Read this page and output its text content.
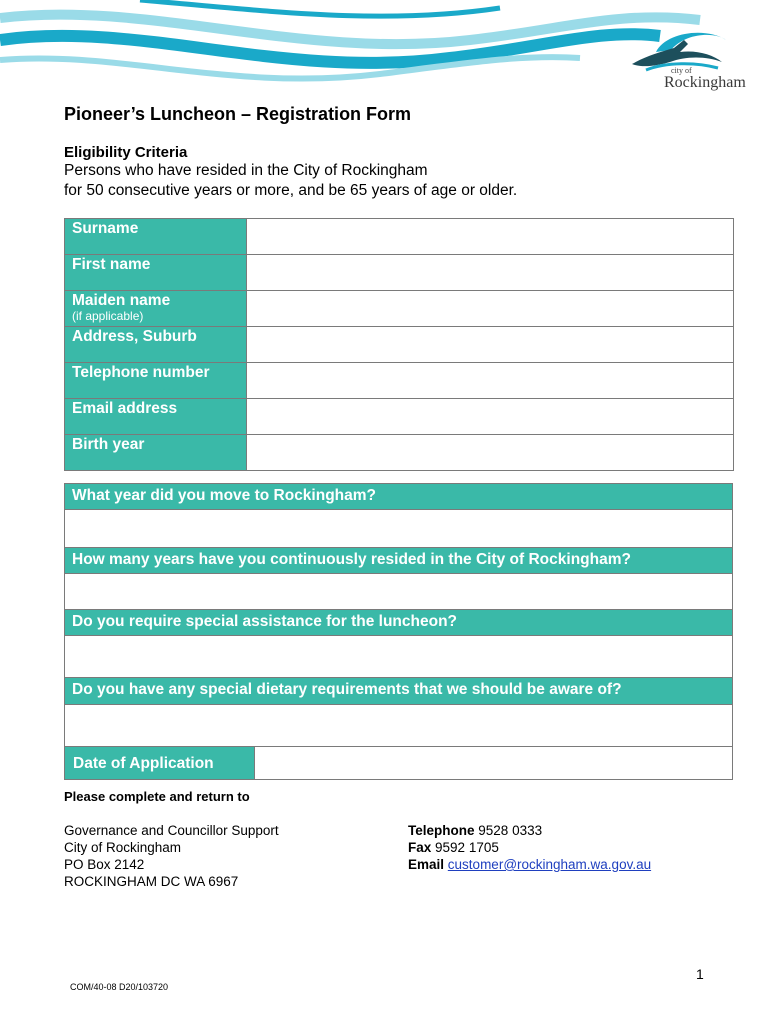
city of
Rockingham
Pioneer’s Luncheon – Registration Form
Eligibility Criteria
Persons who have resided in the City of Rockingham
for 50 consecutive years or more, and be 65 years of age or older.
Surname	
First name	
Maiden name
(if applicable)	

Address, Suburb	
Telephone number	
Email address	
Birth year	
What year did you move to Rockingham?
How many years have you continuously resided in the City of Rockingham?
Do you require special assistance for the luncheon?
Do you have any special dietary requirements that we should be aware of?
Date of Application
Please complete and return to
Governance and Councillor Support
City of Rockingham
PO Box 2142
ROCKINGHAM DC WA 6967
Telephone 9528 0333
Fax 9592 1705
Email customer@rockingham.wa.gov.au
1
COM/40-08 D20/103720
